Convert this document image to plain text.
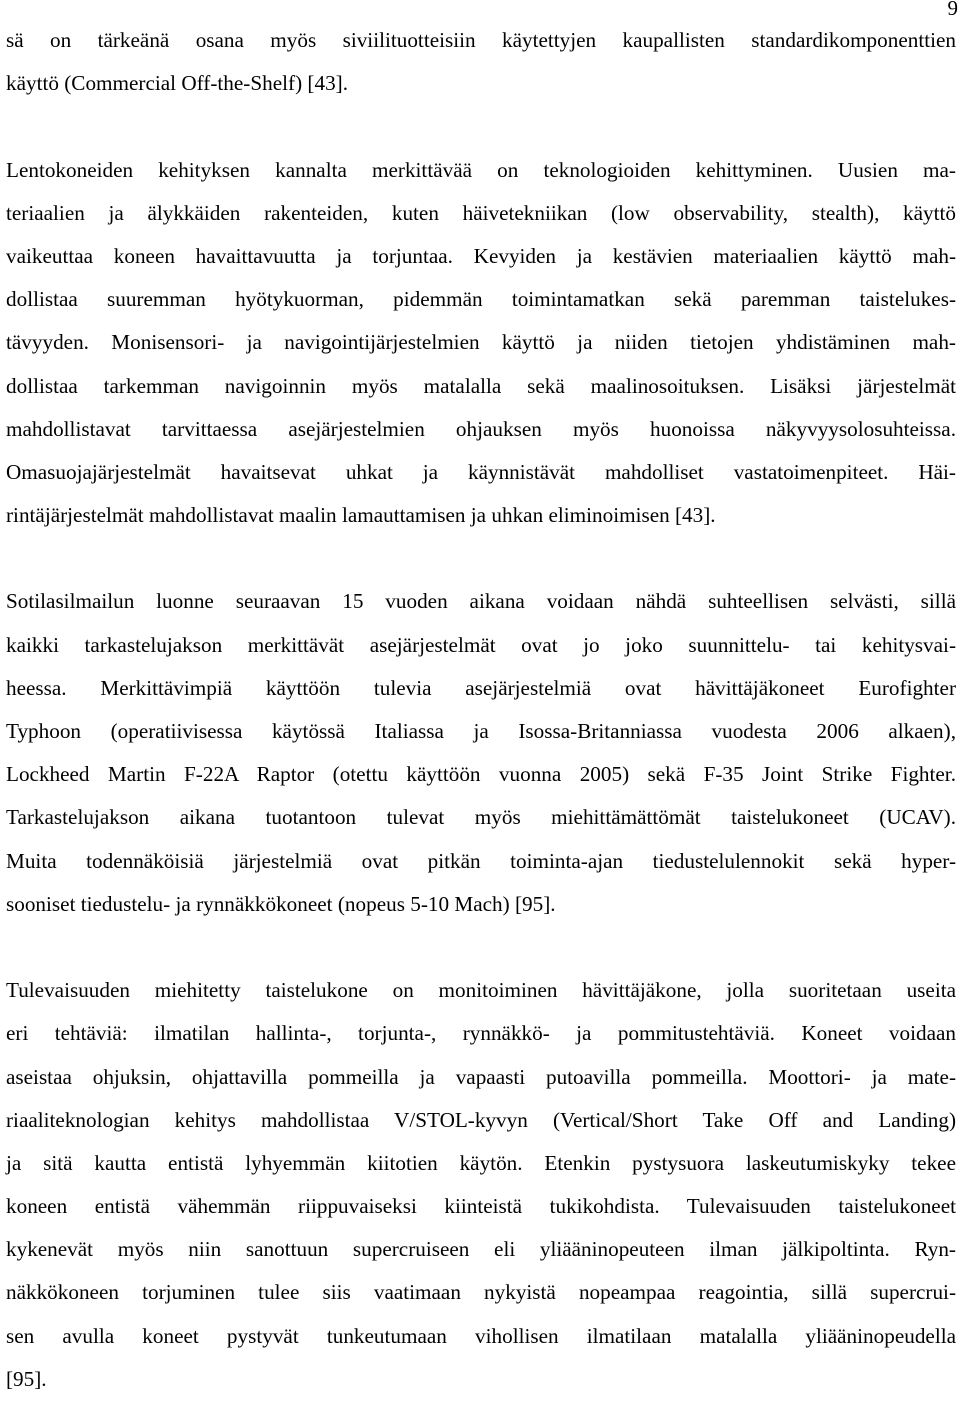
9
sä on tärkeänä osana myös siviilituotteisiin käytettyjen kaupallisten standardikomponenttien
käyttö (Commercial Off-the-Shelf) [43].
Lentokoneiden kehityksen kannalta merkittävää on teknologioiden kehittyminen. Uusien ma-
teriaalien ja älykkäiden rakenteiden, kuten häivetekniikan (low observability, stealth), käyttö
vaikeuttaa koneen havaittavuutta ja torjuntaa. Kevyiden ja kestävien materiaalien käyttö mah-
dollistaa suuremman hyötykuorman, pidemmän toimintamatkan sekä paremman taistelukes-
tävyyden. Monisensori- ja navigointijärjestelmien käyttö ja niiden tietojen yhdistäminen mah-
dollistaa tarkemman navigoinnin myös matalalla sekä maalinosoituksen. Lisäksi järjestelmät
mahdollistavat tarvittaessa asejärjestelmien ohjauksen myös huonoissa näkyvyysolosuhteissa.
Omasuojajärjestelmät havaitsevat uhkat ja käynnistävät mahdolliset vastatoimenpiteet. Häi-
rintäjärjestelmät mahdollistavat maalin lamauttamisen ja uhkan eliminoimisen [43].
Sotilasilmailun luonne seuraavan 15 vuoden aikana voidaan nähdä suhteellisen selvästi, sillä
kaikki tarkastelujakson merkittävät asejärjestelmät ovat jo joko suunnittelu- tai kehitysvai-
heessa. Merkittävimpiä käyttöön tulevia asejärjestelmiä ovat hävittäjäkoneet Eurofighter
Typhoon (operatiivisessa käytössä Italiassa ja Isossa-Britanniassa vuodesta 2006 alkaen),
Lockheed Martin F-22A Raptor (otettu käyttöön vuonna 2005) sekä F-35 Joint Strike Fighter.
Tarkastelujakson aikana tuotantoon tulevat myös miehittämättömät taistelukoneet (UCAV).
Muita todennäköisiä järjestelmiä ovat pitkän toiminta-ajan tiedustelulennokit sekä hyper-
sooniset tiedustelu- ja rynnäkkökoneet (nopeus 5-10 Mach) [95].
Tulevaisuuden miehitetty taistelukone on monitoiminen hävittäjäkone, jolla suoritetaan useita
eri tehtäviä: ilmatilan hallinta-, torjunta-, rynnäkkö- ja pommitustehtäviä. Koneet voidaan
aseistaa ohjuksin, ohjattavilla pommeilla ja vapaasti putoavilla pommeilla. Moottori- ja mate-
riaaliteknologian kehitys mahdollistaa V/STOL-kyvyn (Vertical/Short Take Off and Landing)
ja sitä kautta entistä lyhyemmän kiitotien käytön. Etenkin pystysuora laskeutumiskyky tekee
koneen entistä vähemmän riippuvaiseksi kiinteistä tukikohdista. Tulevaisuuden taistelukoneet
kykenevät myös niin sanottuun supercruiseen eli yliääninopeuteen ilman jälkipoltinta. Ryn-
näkkökoneen torjuminen tulee siis vaatimaan nykyistä nopeampaa reagointia, sillä supercrui-
sen avulla koneet pystyvät tunkeutumaan vihollisen ilmatilaan matalalla yliääninopeudella
[95].
